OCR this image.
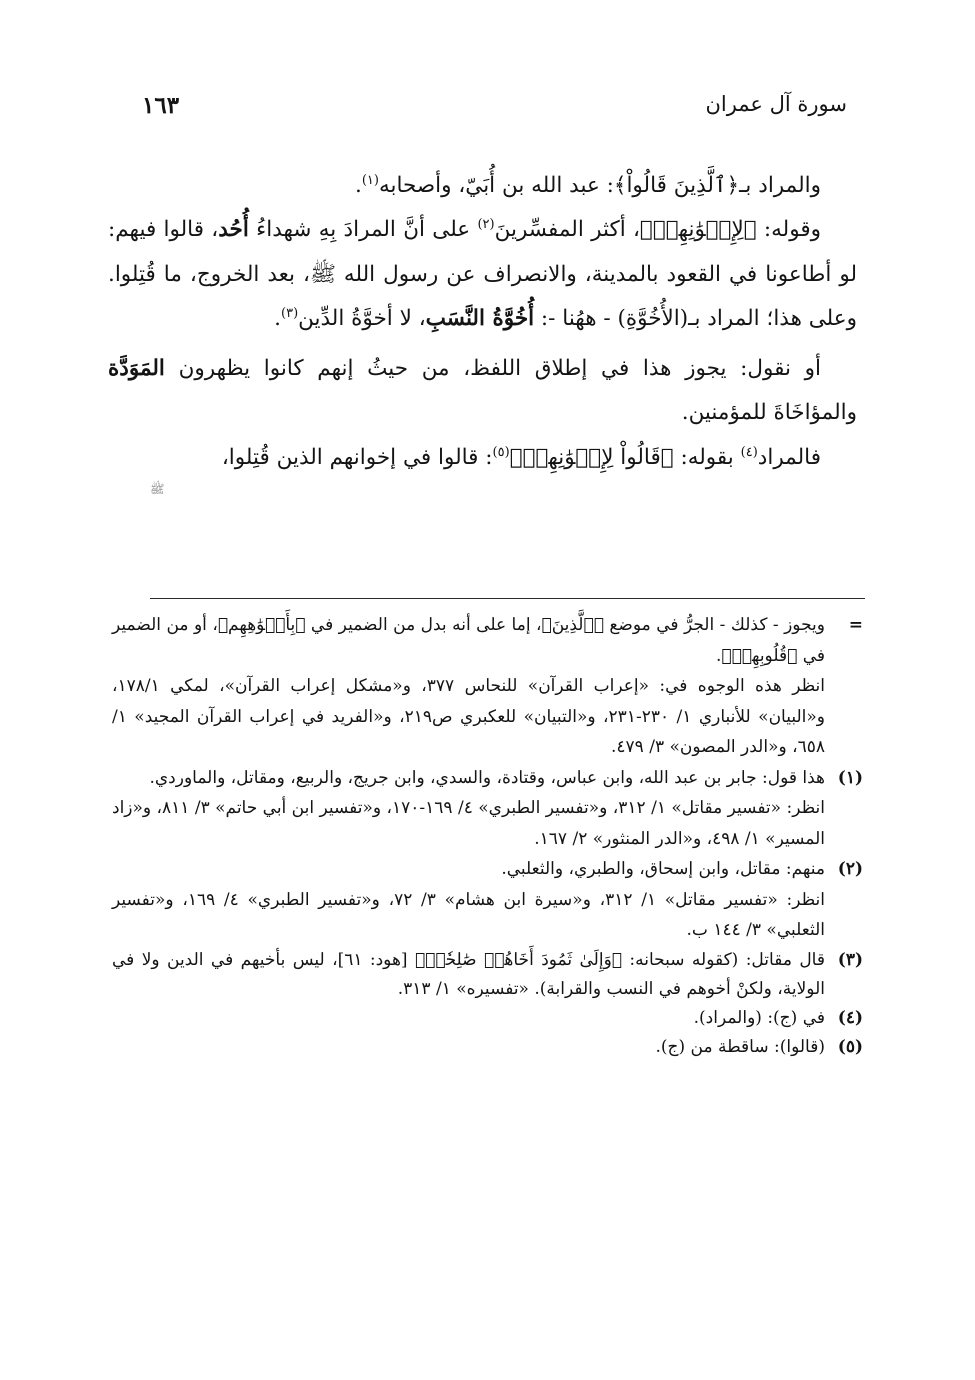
سورة آل عمران
١٦٣

والمراد بـ﴿ٱلَّذِينَ قَالُواْ﴾: عبد الله بن أُبَيّ، وأصحابه$^{(١)}$.

وقوله: ﴿لِإِخۡوَٰنِهِمۡ﴾، أكثر المفسِّرينَ$^{(٢)}$ على أنَّ المرادَ بِهِ شهداءُ أُحُد، قالوا فيهم: لو أطاعونا في القعود بالمدينة، والانصراف عن رسول الله ﷺ، بعد الخروج، ما قُتِلوا. وعلى هذا؛ المراد بـ(الأُخُوَّةِ) - ههُنا -: أُخُوَّةُ النَّسَبِ، لا أخوَّةُ الدِّين$^{(٣)}$.

أو نقول: يجوز هذا في إطلاق اللفظ، من حيثُ إنهم كانوا يظهرون المَوَدَّة والمؤاخَاةَ للمؤمنين.

فالمراد$^{(٤)}$ بقوله: ﴿قَالُواْ لِإِخۡوَٰنِهِمۡ﴾$^{(٥)}$: قالوا في إخوانهم الذين قُتِلوا،

ﷺ
=

ويجوز - كذلك - الجرُّ في موضع ﴿ٱلَّذِينَ﴾، إما على أنه بدل من الضمير في ﴿بِأَفۡوَٰهِهِم﴾، أو من الضمير في ﴿قُلُوبِهِمۡ﴾.

انظر هذه الوجوه في: «إعراب القرآن» للنحاس ٣٧٧، و«مشكل إعراب القرآن»، لمكي ١٧٨/١، و«البيان» للأنباري ١/ ٢٣٠-٢٣١، و«التبيان» للعكبري ص٢١٩، و«الفريد في إعراب القرآن المجيد» ١/ ٦٥٨، و«الدر المصون» ٣/ ٤٧٩.

(١)

هذا قول: جابر بن عبد الله، وابن عباس، وقتادة، والسدي، وابن جريج، والربيع، ومقاتل، والماوردي.

انظر: «تفسير مقاتل» ١/ ٣١٢، و«تفسير الطبري» ٤/ ١٦٩-١٧٠، و«تفسير ابن أبي حاتم» ٣/ ٨١١، و«زاد المسير» ١/ ٤٩٨، و«الدر المنثور» ٢/ ١٦٧.

(٢)

منهم: مقاتل، وابن إسحاق، والطبري، والثعلبي.

انظر: «تفسير مقاتل» ١/ ٣١٢، و«سيرة ابن هشام» ٣/ ٧٢، و«تفسير الطبري» ٤/ ١٦٩، و«تفسير الثعلبي» ٣/ ١٤٤ ب.

(٣)

قال مقاتل: (كقوله سبحانه: ﴿وَإِلَىٰ ثَمُودَ أَخَاهُمۡ صَٰلِحٗاۚ﴾ [هود: ٦١]، ليس بأخيهم في الدين ولا في الولاية، ولكنْ أخوهم في النسب والقرابة). «تفسيره» ١/ ٣١٣.

(٤)

في (ج): (والمراد).

(٥)

(قالوا): ساقطة من (ج).
